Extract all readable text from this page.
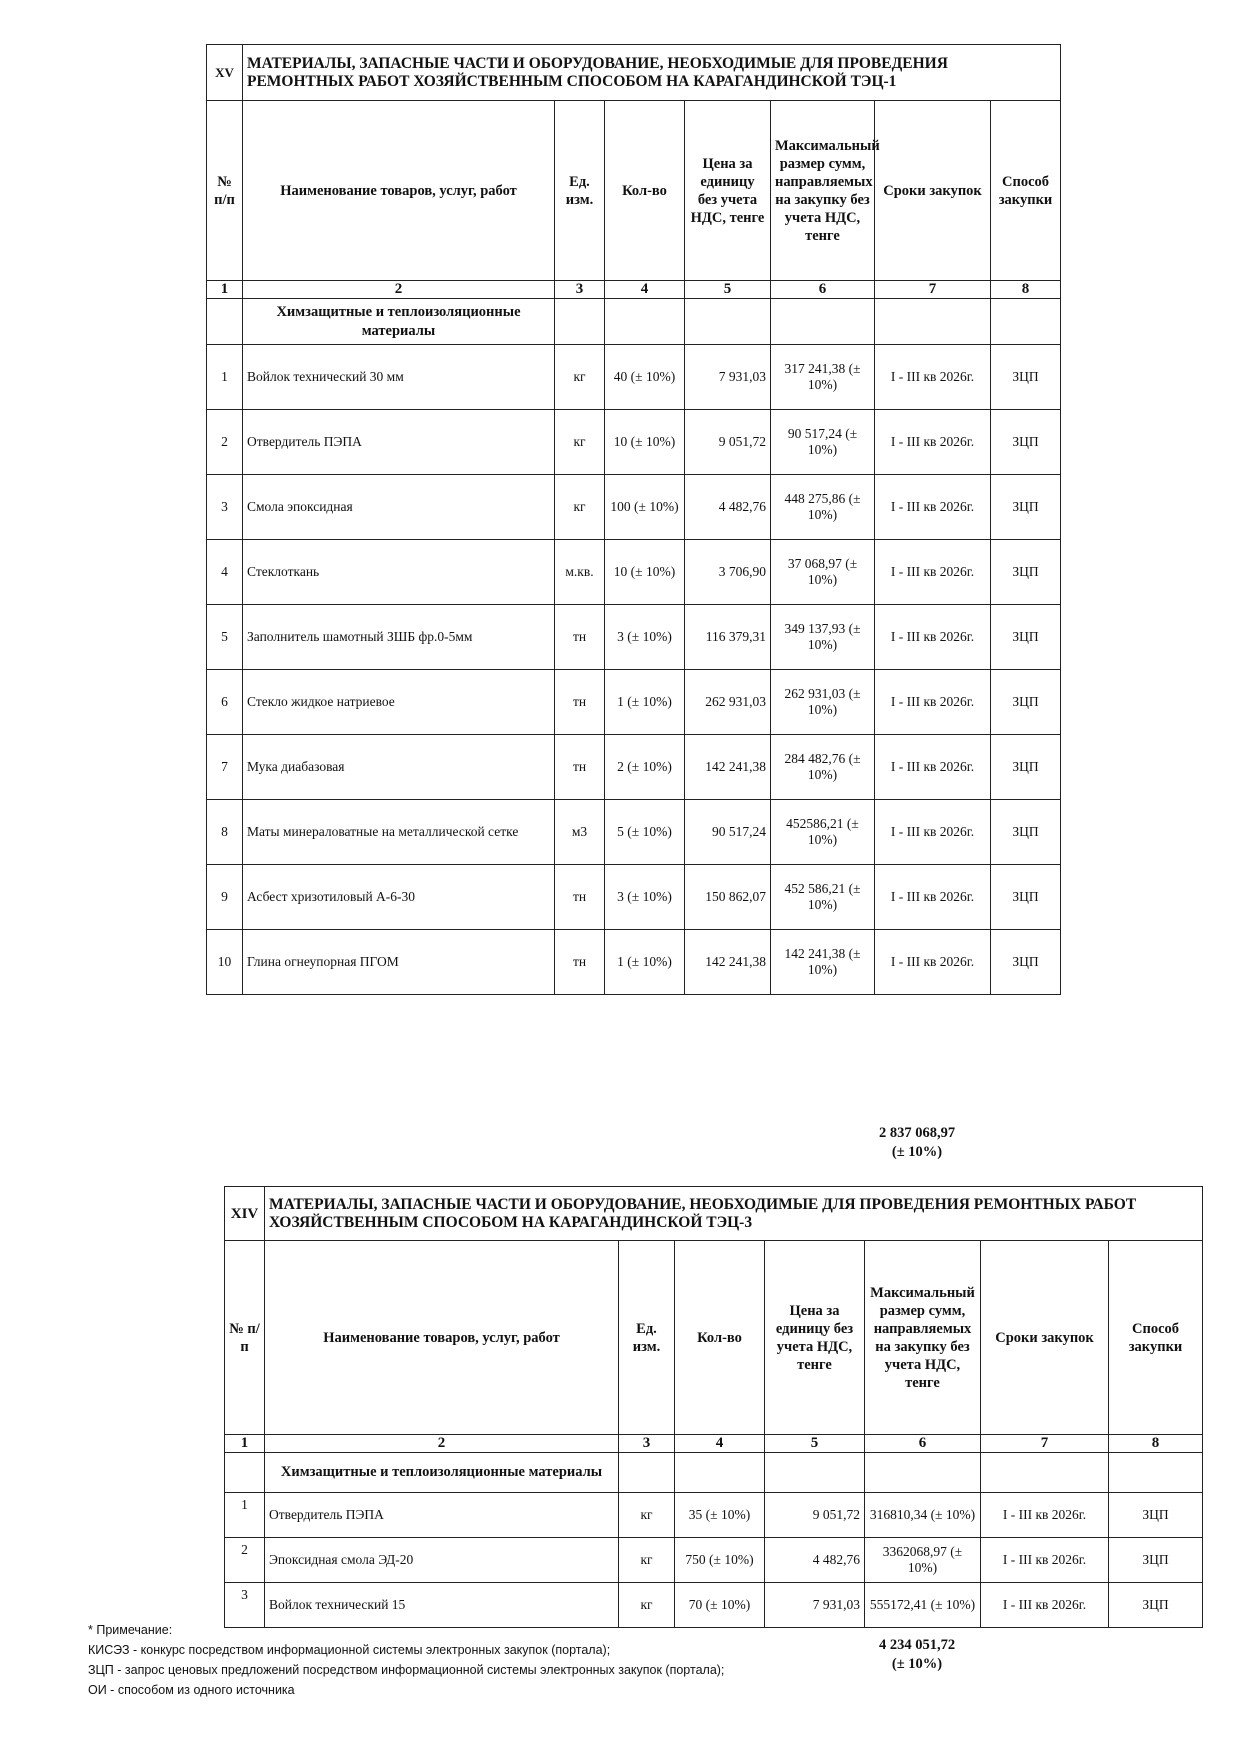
XV	МАТЕРИАЛЫ, ЗАПАСНЫЕ ЧАСТИ И ОБОРУДОВАНИЕ, НЕОБХОДИМЫЕ ДЛЯ ПРОВЕДЕНИЯ РЕМОНТНЫХ РАБОТ ХОЗЯЙСТВЕННЫМ СПОСОБОМ НА КАРАГАНДИНСКОЙ ТЭЦ-1						
№ п/п	Наименование товаров, услуг, работ	Ед. изм.	Кол-во	Цена за единицу без учета НДС, тенге	Максимальный размер сумм, направляемых на закупку без учета НДС, тенге	Сроки закупок	Способ закупки
1	2	3	4	5	6	7	8
	Химзащитные и теплоизоляционные материалы						
1	Войлок технический 30 мм	кг	40 (± 10%)	7 931,03	317 241,38 (± 10%)	I - III кв 2026г.	ЗЦП
2	Отвердитель ПЭПА	кг	10 (± 10%)	9 051,72	90 517,24 (± 10%)	I - III кв 2026г.	ЗЦП
3	Смола эпоксидная	кг	100 (± 10%)	4 482,76	448 275,86 (± 10%)	I - III кв 2026г.	ЗЦП
4	Стеклоткань	м.кв.	10 (± 10%)	3 706,90	37 068,97 (± 10%)	I - III кв 2026г.	ЗЦП
5	Заполнитель шамотный ЗШБ фр.0-5мм	тн	3 (± 10%)	116 379,31	349 137,93 (± 10%)	I - III кв 2026г.	ЗЦП
6	Стекло жидкое натриевое	тн	1 (± 10%)	262 931,03	262 931,03 (± 10%)	I - III кв 2026г.	ЗЦП
7	Мука диабазовая	тн	2 (± 10%)	142 241,38	284 482,76 (± 10%)	I - III кв 2026г.	ЗЦП
8	Маты минераловатные на металлической сетке	м3	5 (± 10%)	90 517,24	452586,21 (± 10%)	I - III кв 2026г.	ЗЦП
9	Асбест хризотиловый А-6-30	тн	3 (± 10%)	150 862,07	452 586,21 (± 10%)	I - III кв 2026г.	ЗЦП
10	Глина огнеупорная ПГОМ	тн	1 (± 10%)	142 241,38	142 241,38 (± 10%)	I - III кв 2026г.	ЗЦП
2 837 068,97
(± 10%)
XIV	МАТЕРИАЛЫ, ЗАПАСНЫЕ ЧАСТИ И ОБОРУДОВАНИЕ, НЕОБХОДИМЫЕ ДЛЯ ПРОВЕДЕНИЯ РЕМОНТНЫХ РАБОТ ХОЗЯЙСТВЕННЫМ СПОСОБОМ НА КАРАГАНДИНСКОЙ ТЭЦ-3						
№ п/п	Наименование товаров, услуг, работ	Ед. изм.	Кол-во	Цена за единицу без учета НДС, тенге	Максимальный размер сумм, направляемых на закупку без учета НДС, тенге	Сроки закупок	Способ закупки
1	2	3	4	5	6	7	8
	Химзащитные и теплоизоляционные материалы						
1	Отвердитель ПЭПА	кг	35 (± 10%)	9 051,72	316810,34 (± 10%)	I - III кв 2026г.	ЗЦП
2	Эпоксидная смола ЭД-20	кг	750 (± 10%)	4 482,76	3362068,97 (± 10%)	I - III кв 2026г.	ЗЦП
3	Войлок технический 15	кг	70 (± 10%)	7 931,03	555172,41 (± 10%)	I - III кв 2026г.	ЗЦП
4 234 051,72
(± 10%)
* Примечание:
КИСЭЗ - конкурс посредством информационной системы электронных закупок (портала);
ЗЦП - запрос ценовых предложений посредством информационной системы электронных закупок (портала);
ОИ - способом из одного источника
